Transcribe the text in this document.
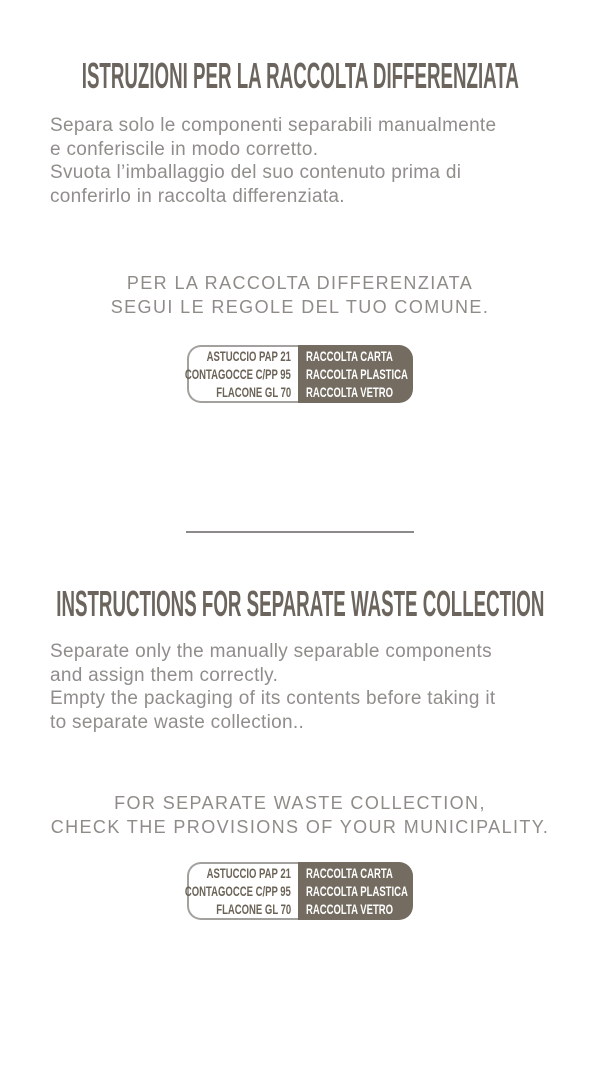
ISTRUZIONI PER LA RACCOLTA DIFFERENZIATA
Separa solo le componenti separabili manualmente
e conferiscile in modo corretto.
Svuota l’imballaggio del suo contenuto prima di
conferirlo in raccolta differenziata.
PER LA RACCOLTA DIFFERENZIATA
SEGUI LE REGOLE DEL TUO COMUNE.
ASTUCCIO PAP 21
CONTAGOCCE C/PP 95
FLACONE GL 70
RACCOLTA CARTA
RACCOLTA PLASTICA
RACCOLTA VETRO
INSTRUCTIONS FOR SEPARATE WASTE COLLECTION
Separate only the manually separable components
and assign them correctly.
Empty the packaging of its contents before taking it
to separate waste collection..
FOR SEPARATE WASTE COLLECTION,
CHECK THE PROVISIONS OF YOUR MUNICIPALITY.
ASTUCCIO PAP 21
CONTAGOCCE C/PP 95
FLACONE GL 70
RACCOLTA CARTA
RACCOLTA PLASTICA
RACCOLTA VETRO
